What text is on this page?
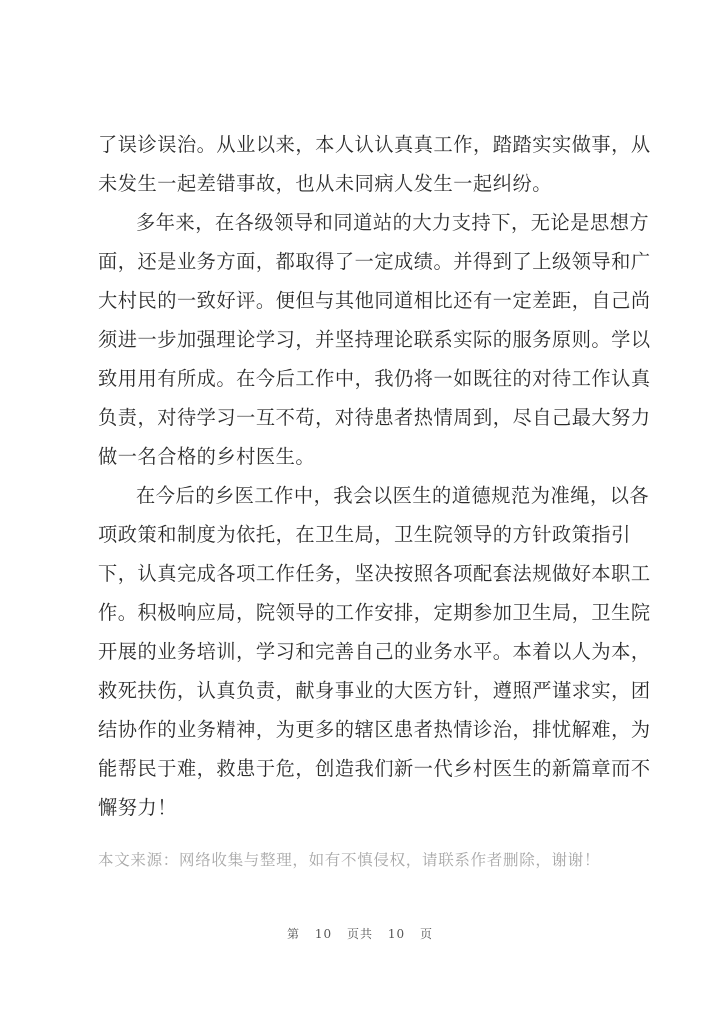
了误诊误治。从业以来，本人认认真真工作，踏踏实实做事，从
未发生一起差错事故，也从未同病人发生一起纠纷。
多年来，在各级领导和同道站的大力支持下，无论是思想方
面，还是业务方面，都取得了一定成绩。并得到了上级领导和广
大村民的一致好评。便但与其他同道相比还有一定差距，自己尚
须进一步加强理论学习，并坚持理论联系实际的服务原则。学以
致用用有所成。在今后工作中，我仍将一如既往的对待工作认真
负责，对待学习一互不苟，对待患者热情周到，尽自己最大努力
做一名合格的乡村医生。
在今后的乡医工作中，我会以医生的道德规范为准绳，以各
项政策和制度为依托，在卫生局，卫生院领导的方针政策指引
下，认真完成各项工作任务，坚决按照各项配套法规做好本职工
作。积极响应局，院领导的工作安排，定期参加卫生局，卫生院
开展的业务培训，学习和完善自己的业务水平。本着以人为本，
救死扶伤，认真负责，献身事业的大医方针，遵照严谨求实，团
结协作的业务精神，为更多的辖区患者热情诊治，排忧解难，为
能帮民于难，救患于危，创造我们新一代乡村医生的新篇章而不
懈努力！
本文来源：网络收集与整理，如有不慎侵权，请联系作者删除，谢谢！
第 10 页共 10 页
